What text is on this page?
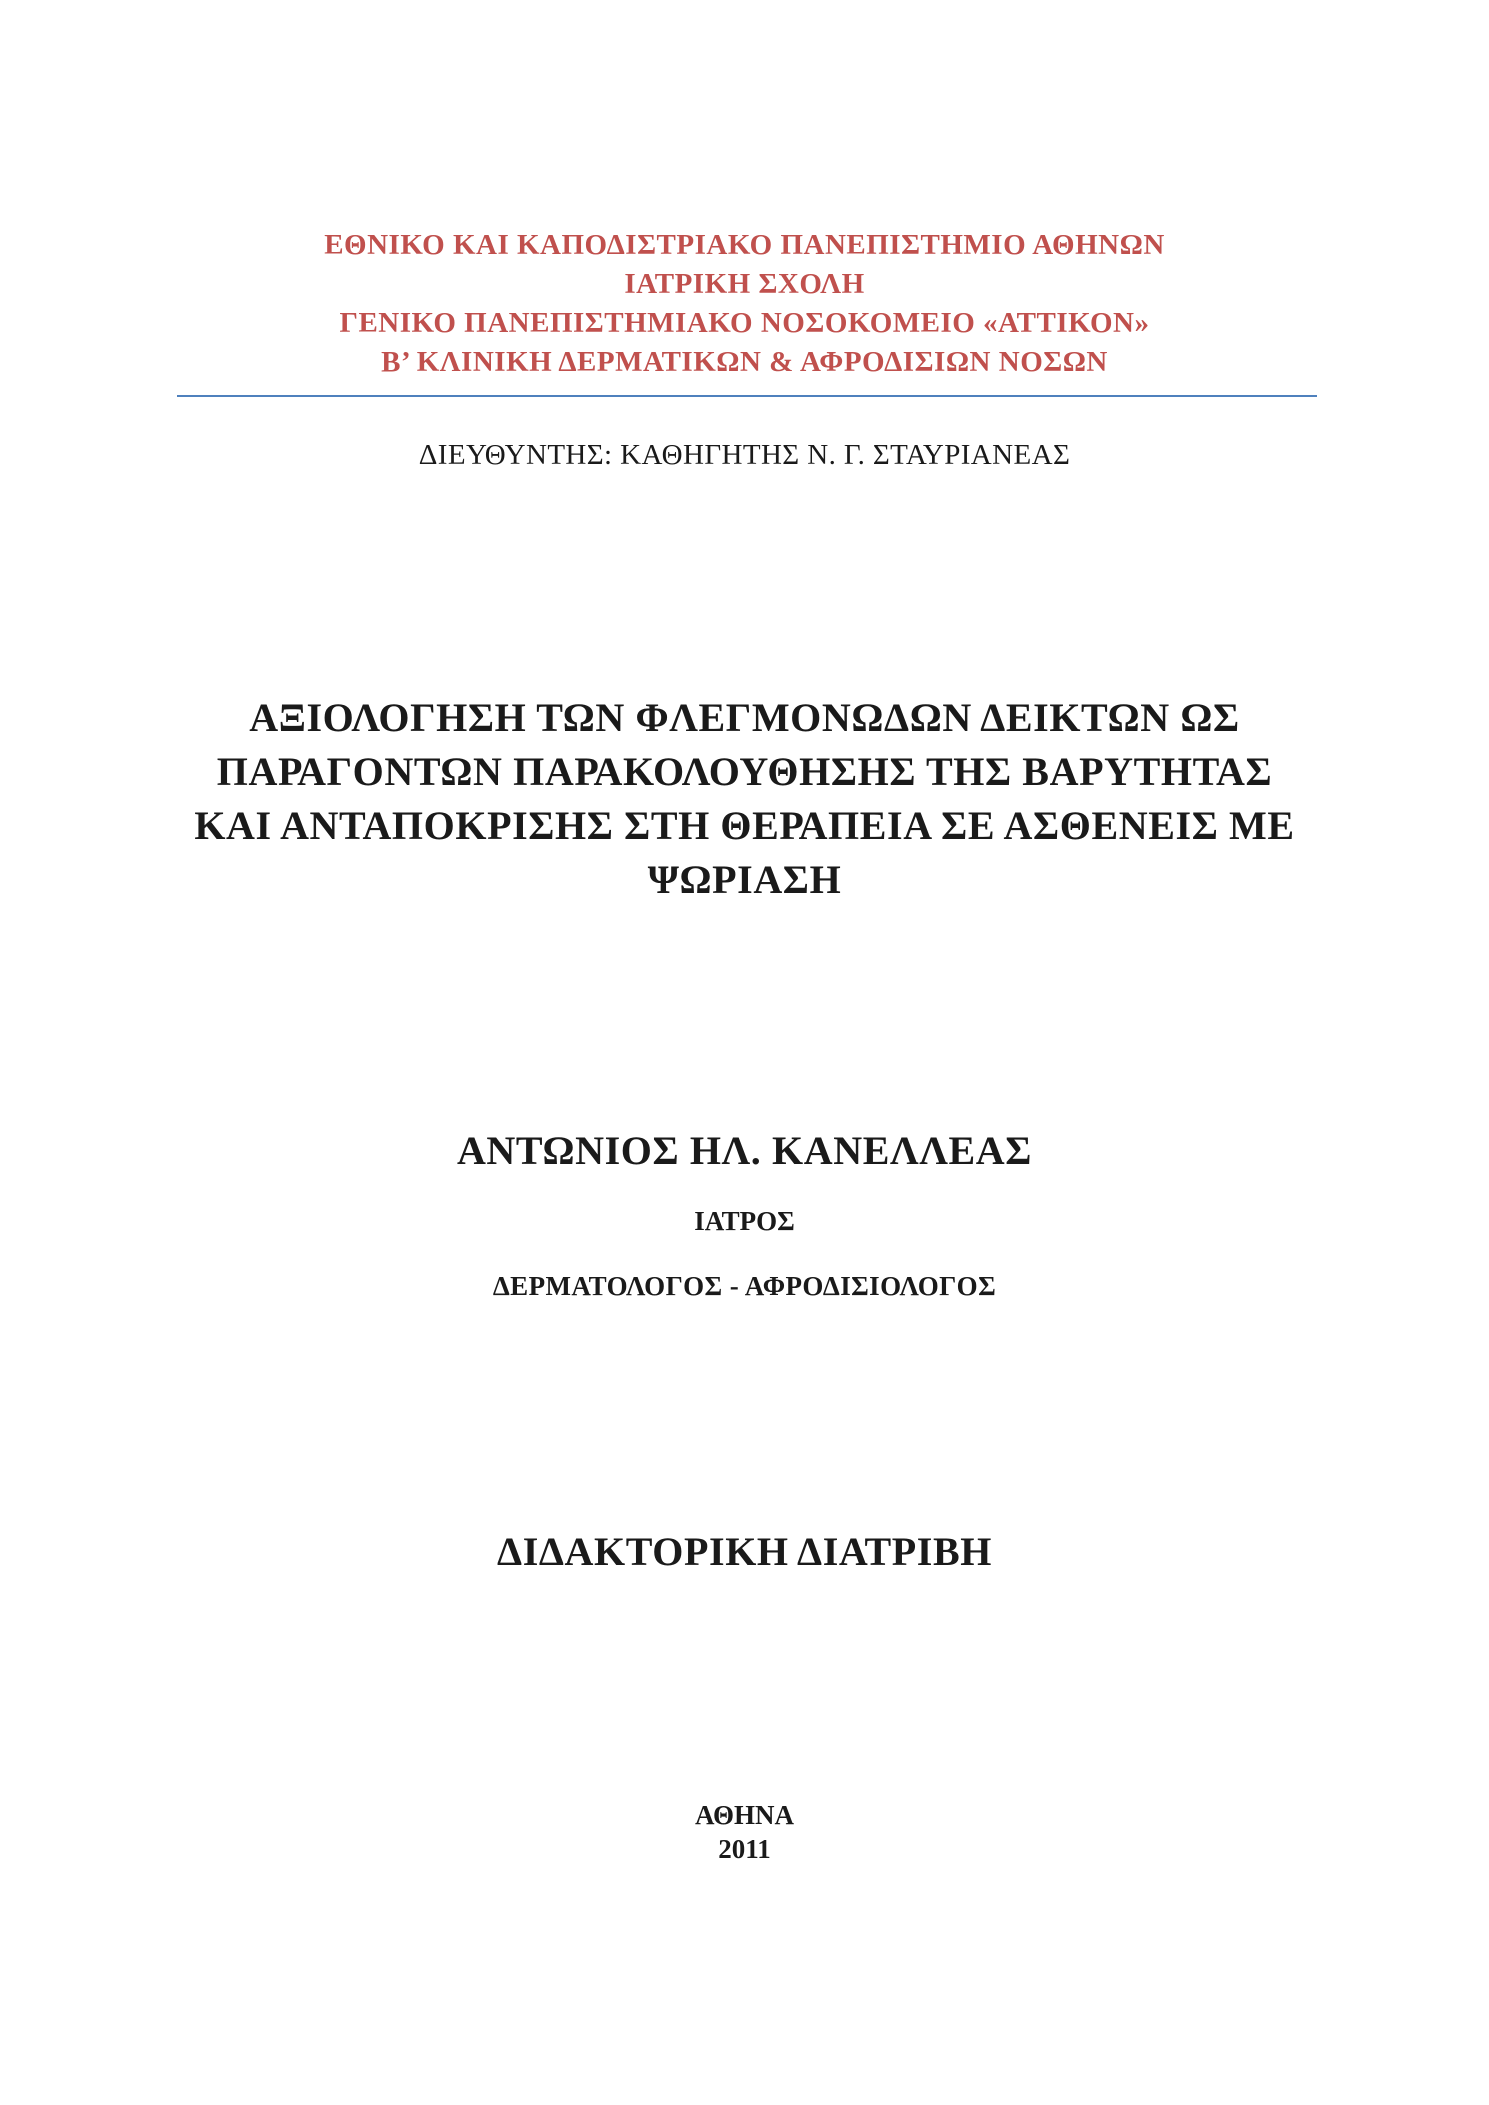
ΕΘΝΙΚΟ ΚΑΙ ΚΑΠΟΔΙΣΤΡΙΑΚΟ ΠΑΝΕΠΙΣΤΗΜΙΟ ΑΘΗΝΩΝ
ΙΑΤΡΙΚΗ ΣΧΟΛΗ
ΓΕΝΙΚΟ ΠΑΝΕΠΙΣΤΗΜΙΑΚΟ ΝΟΣΟΚΟΜΕΙΟ «ΑΤΤΙΚΟΝ»
Β’ ΚΛΙΝΙΚΗ ΔΕΡΜΑΤΙΚΩΝ & ΑΦΡΟΔΙΣΙΩΝ ΝΟΣΩΝ
ΔΙΕΥΘΥΝΤΗΣ: ΚΑΘΗΓΗΤΗΣ Ν. Γ. ΣΤΑΥΡΙΑΝΕΑΣ
ΑΞΙΟΛΟΓΗΣΗ ΤΩΝ ΦΛΕΓΜΟΝΩΔΩΝ ΔΕΙΚΤΩΝ ΩΣ
ΠΑΡΑΓΟΝΤΩΝ ΠΑΡΑΚΟΛΟΥΘΗΣΗΣ ΤΗΣ ΒΑΡΥΤΗΤΑΣ
ΚΑΙ ΑΝΤΑΠΟΚΡΙΣΗΣ ΣΤΗ ΘΕΡΑΠΕΙΑ ΣΕ ΑΣΘΕΝΕΙΣ ΜΕ
ΨΩΡΙΑΣΗ
ΑΝΤΩΝΙΟΣ ΗΛ. ΚΑΝΕΛΛΕΑΣ
ΙΑΤΡΟΣ
ΔΕΡΜΑΤΟΛΟΓΟΣ - ΑΦΡΟΔΙΣΙΟΛΟΓΟΣ
ΔΙΔΑΚΤΟΡΙΚΗ ΔΙΑΤΡΙΒΗ
ΑΘΗΝΑ
2011
